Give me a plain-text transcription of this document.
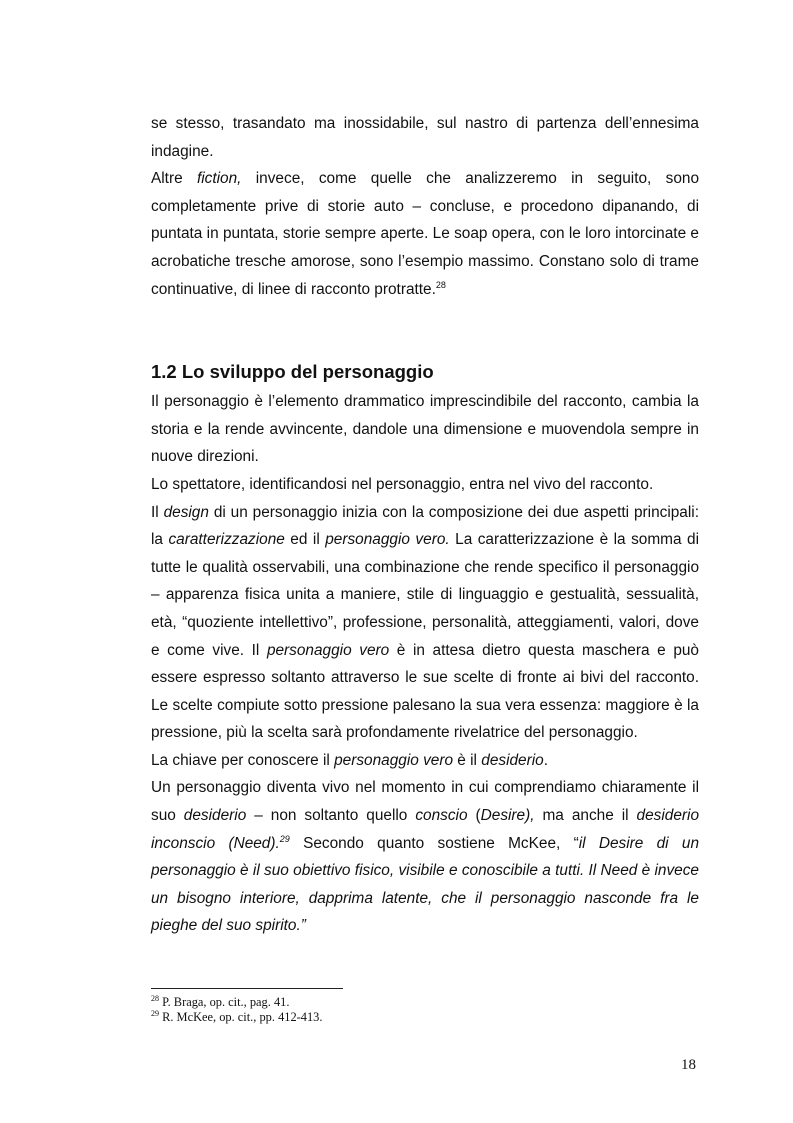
se stesso, trasandato ma inossidabile, sul nastro di partenza dell’ennesima indagine.

Altre fiction, invece, come quelle che analizzeremo in seguito, sono completamente prive di storie auto – concluse, e procedono dipanando, di puntata in puntata, storie sempre aperte. Le soap opera, con le loro intorcinate e acrobatiche tresche amorose, sono l’esempio massimo. Constano solo di trame continuative, di linee di racconto protratte.$^{28}$

1.2 Lo sviluppo del personaggio

Il personaggio è l’elemento drammatico imprescindibile del racconto, cambia la storia e la rende avvincente, dandole una dimensione e muovendola sempre in nuove direzioni.

Lo spettatore, identificandosi nel personaggio, entra nel vivo del racconto.

Il design di un personaggio inizia con la composizione dei due aspetti principali: la caratterizzazione ed il personaggio vero. La caratterizzazione è la somma di tutte le qualità osservabili, una combinazione che rende specifico il personaggio – apparenza fisica unita a maniere, stile di linguaggio e gestualità, sessualità, età, “quoziente intellettivo”, professione, personalità, atteggiamenti, valori, dove e come vive. Il personaggio vero è in attesa dietro questa maschera e può essere espresso soltanto attraverso le sue scelte di fronte ai bivi del racconto. Le scelte compiute sotto pressione palesano la sua vera essenza: maggiore è la pressione, più la scelta sarà profondamente rivelatrice del personaggio.

La chiave per conoscere il personaggio vero è il desiderio.

Un personaggio diventa vivo nel momento in cui comprendiamo chiaramente il suo desiderio – non soltanto quello conscio (Desire), ma anche il desiderio inconscio (Need).$^{29}$ Secondo quanto sostiene McKee, “il Desire di un personaggio è il suo obiettivo fisico, visibile e conoscibile a tutti. Il Need è invece un bisogno interiore, dapprima latente, che il personaggio nasconde fra le pieghe del suo spirito.”

$^{28}$ P. Braga, op. cit., pag. 41.
$^{29}$ R. McKee, op. cit., pp. 412-413.
18
